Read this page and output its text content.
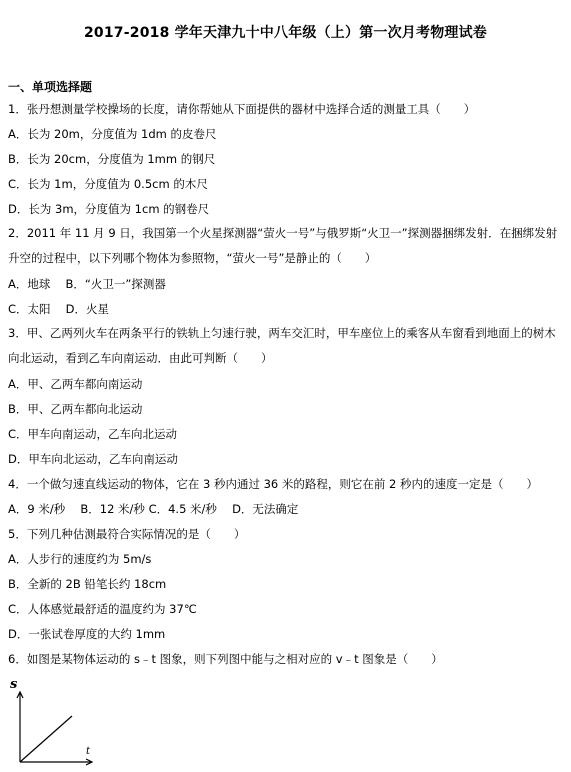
2017-2018 学年天津九十中八年级（上）第一次月考物理试卷
一、单项选择题
1．张丹想测量学校操场的长度，请你帮她从下面提供的器材中选择合适的测量工具（　　）
A．长为 20m，分度值为 1dm 的皮卷尺
B．长为 20cm，分度值为 1mm 的钢尺
C．长为 1m，分度值为 0.5cm 的木尺
D．长为 3m，分度值为 1cm 的钢卷尺
2．2011 年 11 月 9 日，我国第一个火星探测器“萤火一号”与俄罗斯“火卫一”探测器捆绑发射．在捆绑发射升空的过程中，以下列哪个物体为参照物，“萤火一号”是静止的（　　）
A．地球　 B．“火卫一”探测器
C．太阳　 D．火星
3．甲、乙两列火车在两条平行的铁轨上匀速行驶，两车交汇时，甲车座位上的乘客从车窗看到地面上的树木向北运动，看到乙车向南运动．由此可判断（　　）
A．甲、乙两车都向南运动
B．甲、乙两车都向北运动
C．甲车向南运动，乙车向北运动
D．甲车向北运动，乙车向南运动
4．一个做匀速直线运动的物体，它在 3 秒内通过 36 米的路程，则它在前 2 秒内的速度一定是（　　）
A．9 米/秒　 B．12 米/秒 C．4.5 米/秒　 D．无法确定
5．下列几种估测最符合实际情况的是（　　）
A．人步行的速度约为 5m/s
B．全新的 2B 铅笔长约 18cm
C．人体感觉最舒适的温度约为 37℃
D．一张试卷厚度的大约 1mm
6．如图是某物体运动的 s﹣t 图象，则下列图中能与之相对应的 v﹣t 图象是（　　）
s
t
